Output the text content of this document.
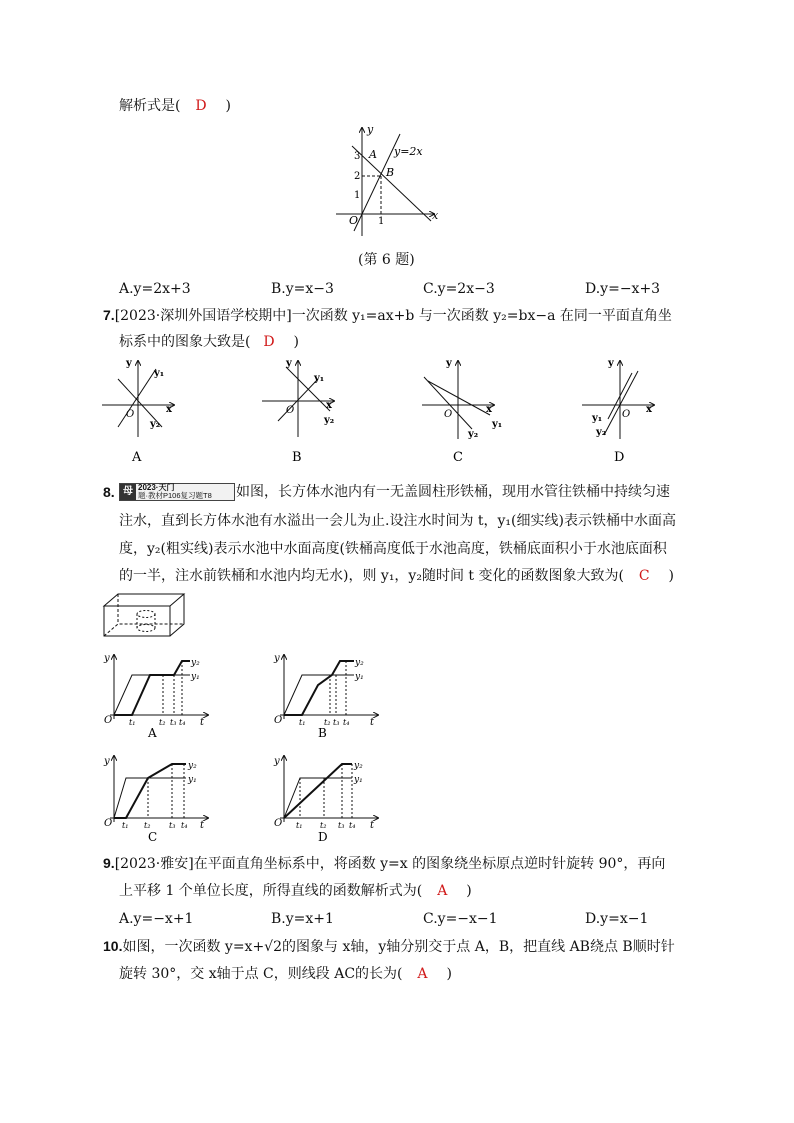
解析式是( D )
y
x
O
y=2x
A
B
3
2
1
1
(第 6 题)
A.y=2x+3	B.y=x−3	C.y=2x−3	D.y=−x+3
7.[2023·深圳外国语学校期中]一次函数 y₁=ax+b 与一次函数 y₂=bx−a 在同一平面直角坐
标系中的图象大致是( D )
y
x
O
y₁
y₂
A
y
x
O
y₁
y₂
B
y
x
O
y₁
y₂
C
y
x
O
y₁
y₂
D
8. 母 2023·天门
题·教材P106复习题T8 如图，长方体水池内有一无盖圆柱形铁桶，现用水管往铁桶中持续匀速
注水，直到长方体水池有水溢出一会儿为止.设注水时间为 t，y₁(细实线)表示铁桶中水面高
度，y₂(粗实线)表示水池中水面高度(铁桶高度低于水池高度，铁桶底面积小于水池底面积
的一半，注水前铁桶和水池内均无水)，则 y₁，y₂随时间 t 变化的函数图象大致为( C )
y
t
O
y₂
y₁
t₁	t₂ t₃ t₄
A
y
t
O
y₂
y₁
t₁ t₂ t₃ t₄
B
y
t
O
y₂
y₁
t₁ t₂ t₃ t₄
C
y
t
O
y₂
y₁
t₁ t₂ t₃ t₄
D
9.[2023·雅安]在平面直角坐标系中，将函数 y=x 的图象绕坐标原点逆时针旋转 90°，再向
上平移 1 个单位长度，所得直线的函数解析式为( A )
A.y=−x+1	B.y=x+1	C.y=−x−1	D.y=x−1
10.如图，一次函数 y=x+√2的图象与 x轴，y轴分别交于点 A，B，把直线 AB绕点 B顺时针
旋转 30°，交 x轴于点 C，则线段 AC的长为( A )
